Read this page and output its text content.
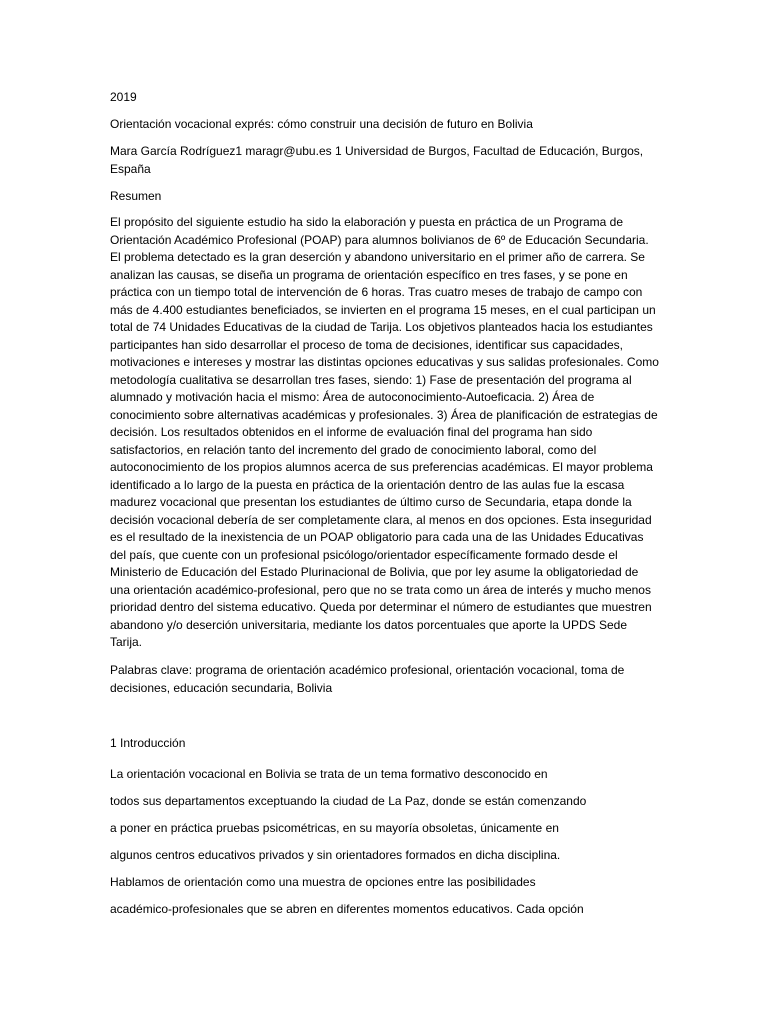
2019

Orientación vocacional exprés: cómo construir una decisión de futuro en Bolivia

Mara García Rodríguez1 maragr@ubu.es 1 Universidad de Burgos, Facultad de Educación, Burgos, España

Resumen

El propósito del siguiente estudio ha sido la elaboración y puesta en práctica de un Programa de Orientación Académico Profesional (POAP) para alumnos bolivianos de 6º de Educación Secundaria. El problema detectado es la gran deserción y abandono universitario en el primer año de carrera. Se analizan las causas, se diseña un programa de orientación específico en tres fases, y se pone en práctica con un tiempo total de intervención de 6 horas. Tras cuatro meses de trabajo de campo con más de 4.400 estudiantes beneficiados, se invierten en el programa 15 meses, en el cual participan un total de 74 Unidades Educativas de la ciudad de Tarija. Los objetivos planteados hacia los estudiantes participantes han sido desarrollar el proceso de toma de decisiones, identificar sus capacidades, motivaciones e intereses y mostrar las distintas opciones educativas y sus salidas profesionales. Como metodología cualitativa se desarrollan tres fases, siendo: 1) Fase de presentación del programa al alumnado y motivación hacia el mismo: Área de autoconocimiento-Autoeficacia. 2) Área de conocimiento sobre alternativas académicas y profesionales. 3) Área de planificación de estrategias de decisión. Los resultados obtenidos en el informe de evaluación final del programa han sido satisfactorios, en relación tanto del incremento del grado de conocimiento laboral, como del autoconocimiento de los propios alumnos acerca de sus preferencias académicas. El mayor problema identificado a lo largo de la puesta en práctica de la orientación dentro de las aulas fue la escasa madurez vocacional que presentan los estudiantes de último curso de Secundaria, etapa donde la decisión vocacional debería de ser completamente clara, al menos en dos opciones. Esta inseguridad es el resultado de la inexistencia de un POAP obligatorio para cada una de las Unidades Educativas del país, que cuente con un profesional psicólogo/orientador específicamente formado desde el Ministerio de Educación del Estado Plurinacional de Bolivia, que por ley asume la obligatoriedad de una orientación académico-profesional, pero que no se trata como un área de interés y mucho menos prioridad dentro del sistema educativo. Queda por determinar el número de estudiantes que muestren abandono y/o deserción universitaria, mediante los datos porcentuales que aporte la UPDS Sede Tarija.

Palabras clave: programa de orientación académico profesional, orientación vocacional, toma de decisiones, educación secundaria, Bolivia

1 Introducción

La orientación vocacional en Bolivia se trata de un tema formativo desconocido en

todos sus departamentos exceptuando la ciudad de La Paz, donde se están comenzando

a poner en práctica pruebas psicométricas, en su mayoría obsoletas, únicamente en

algunos centros educativos privados y sin orientadores formados en dicha disciplina.

Hablamos de orientación como una muestra de opciones entre las posibilidades

académico-profesionales que se abren en diferentes momentos educativos. Cada opción
